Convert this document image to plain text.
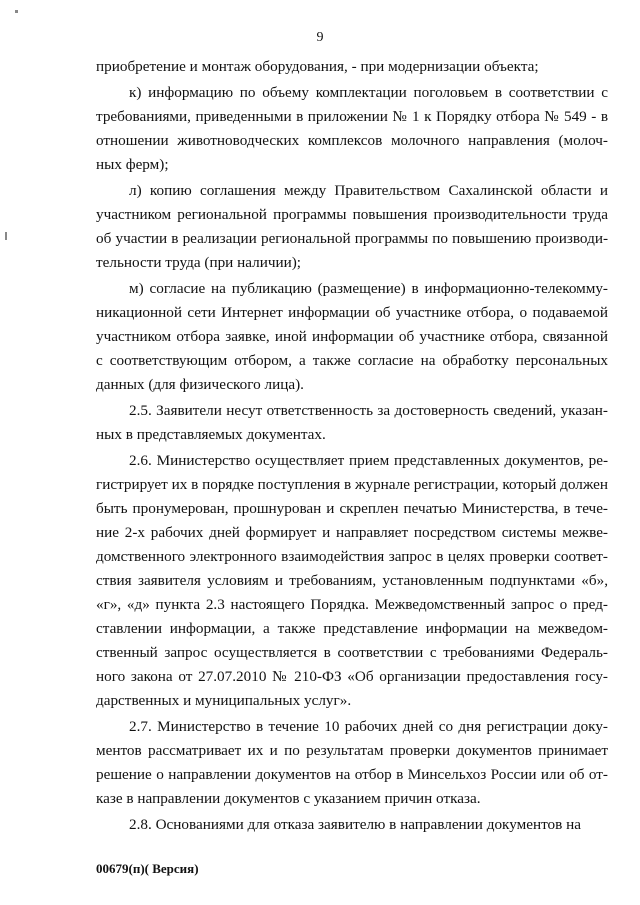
9

приобретение и монтаж оборудования, - при модернизации объекта;

к) информацию по объему комплектации поголовьем в соответствии с
требованиями, приведенными в приложении № 1 к Порядку отбора № 549 - в
отношении животноводческих комплексов молочного направления (молоч-
ных ферм);

л) копию соглашения между Правительством Сахалинской области и
участником региональной программы повышения производительности труда
об участии в реализации региональной программы по повышению производи-
тельности труда (при наличии);

м) согласие на публикацию (размещение) в информационно-телекомму-
никационной сети Интернет информации об участнике отбора, о подаваемой
участником отбора заявке, иной информации об участнике отбора, связанной
с соответствующим отбором, а также согласие на обработку персональных
данных (для физического лица).

2.5. Заявители несут ответственность за достоверность сведений, указан-
ных в представляемых документах.

2.6. Министерство осуществляет прием представленных документов, ре-
гистрирует их в порядке поступления в журнале регистрации, который должен
быть пронумерован, прошнурован и скреплен печатью Министерства, в тече-
ние 2-х рабочих дней формирует и направляет посредством системы межве-
домственного электронного взаимодействия запрос в целях проверки соответ-
ствия заявителя условиям и требованиям, установленным подпунктами «б»,
«г», «д» пункта 2.3 настоящего Порядка. Межведомственный запрос о пред-
ставлении информации, а также представление информации на межведом-
ственный запрос осуществляется в соответствии с требованиями Федераль-
ного закона от 27.07.2010 № 210-ФЗ «Об организации предоставления госу-
дарственных и муниципальных услуг».

2.7. Министерство в течение 10 рабочих дней со дня регистрации доку-
ментов рассматривает их и по результатам проверки документов принимает
решение о направлении документов на отбор в Минсельхоз России или об от-
казе в направлении документов с указанием причин отказа.

2.8. Основаниями для отказа заявителю в направлении документов на

00679(п)( Версия)
